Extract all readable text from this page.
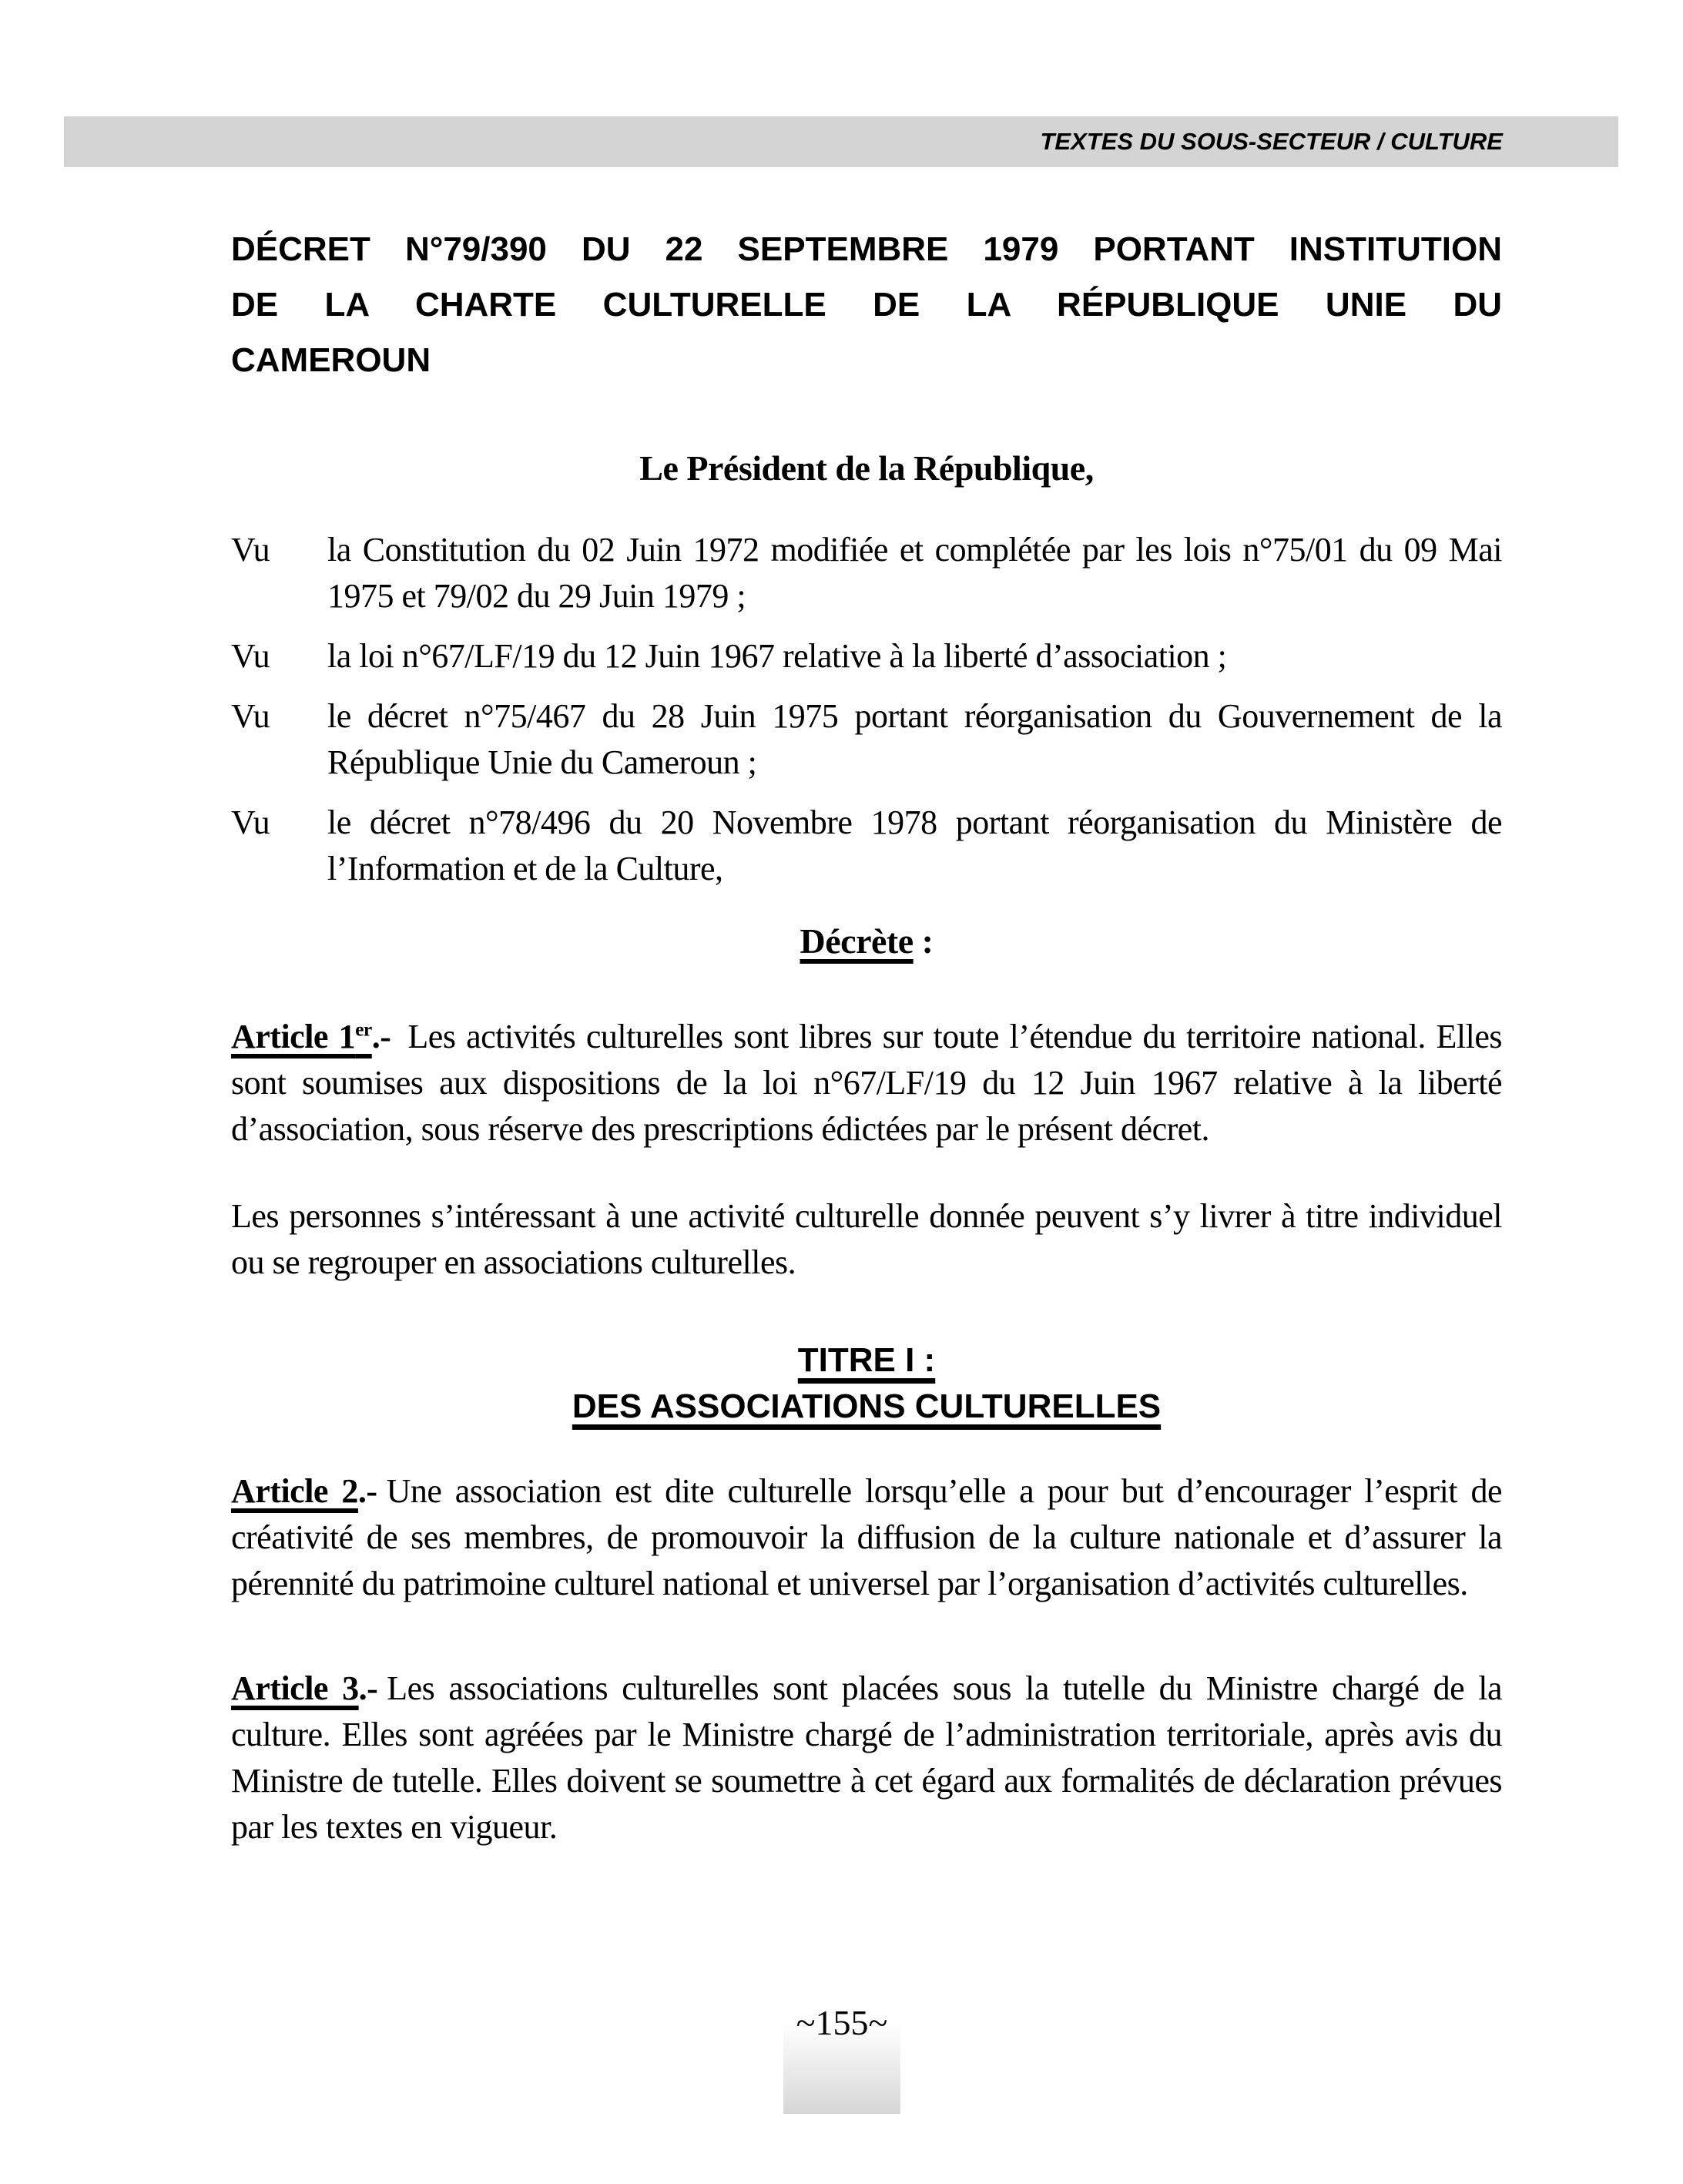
TEXTES DU SOUS-SECTEUR / CULTURE
DÉCRET N°79/390 DU 22 SEPTEMBRE 1979 PORTANT INSTITUTION
DE LA CHARTE CULTURELLE DE LA RÉPUBLIQUE UNIE DU
CAMEROUN
Le Président de la République,
Vu	la Constitution du 02 Juin 1972 modifiée et complétée par les lois n°75/01 du 09 Mai 1975 et 79/02 du 29 Juin 1979 ;
Vu	la loi n°67/LF/19 du 12 Juin 1967 relative à la liberté d’association ;
Vu	le décret n°75/467 du 28 Juin 1975 portant réorganisation du Gouvernement de la République Unie du Cameroun ;
Vu	le décret n°78/496 du 20 Novembre 1978 portant réorganisation du Ministère de l’Information et de la Culture,
Décrète :
Article 1er.- Les activités culturelles sont libres sur toute l’étendue du territoire national. Elles sont soumises aux dispositions de la loi n°67/LF/19 du 12 Juin 1967 relative à la liberté d’association, sous réserve des prescriptions édictées par le présent décret.
Les personnes s’intéressant à une activité culturelle donnée peuvent s’y livrer à titre individuel ou se regrouper en associations culturelles.
TITRE I :
DES ASSOCIATIONS CULTURELLES
Article 2.- Une association est dite culturelle lorsqu’elle a pour but d’encourager l’esprit de créativité de ses membres, de promouvoir la diffusion de la culture nationale et d’assurer la pérennité du patrimoine culturel national et universel par l’organisation d’activités culturelles.
Article 3.- Les associations culturelles sont placées sous la tutelle du Ministre chargé de la culture. Elles sont agréées par le Ministre chargé de l’administration territoriale, après avis du Ministre de tutelle. Elles doivent se soumettre à cet égard aux formalités de déclaration prévues par les textes en vigueur.
~155~
